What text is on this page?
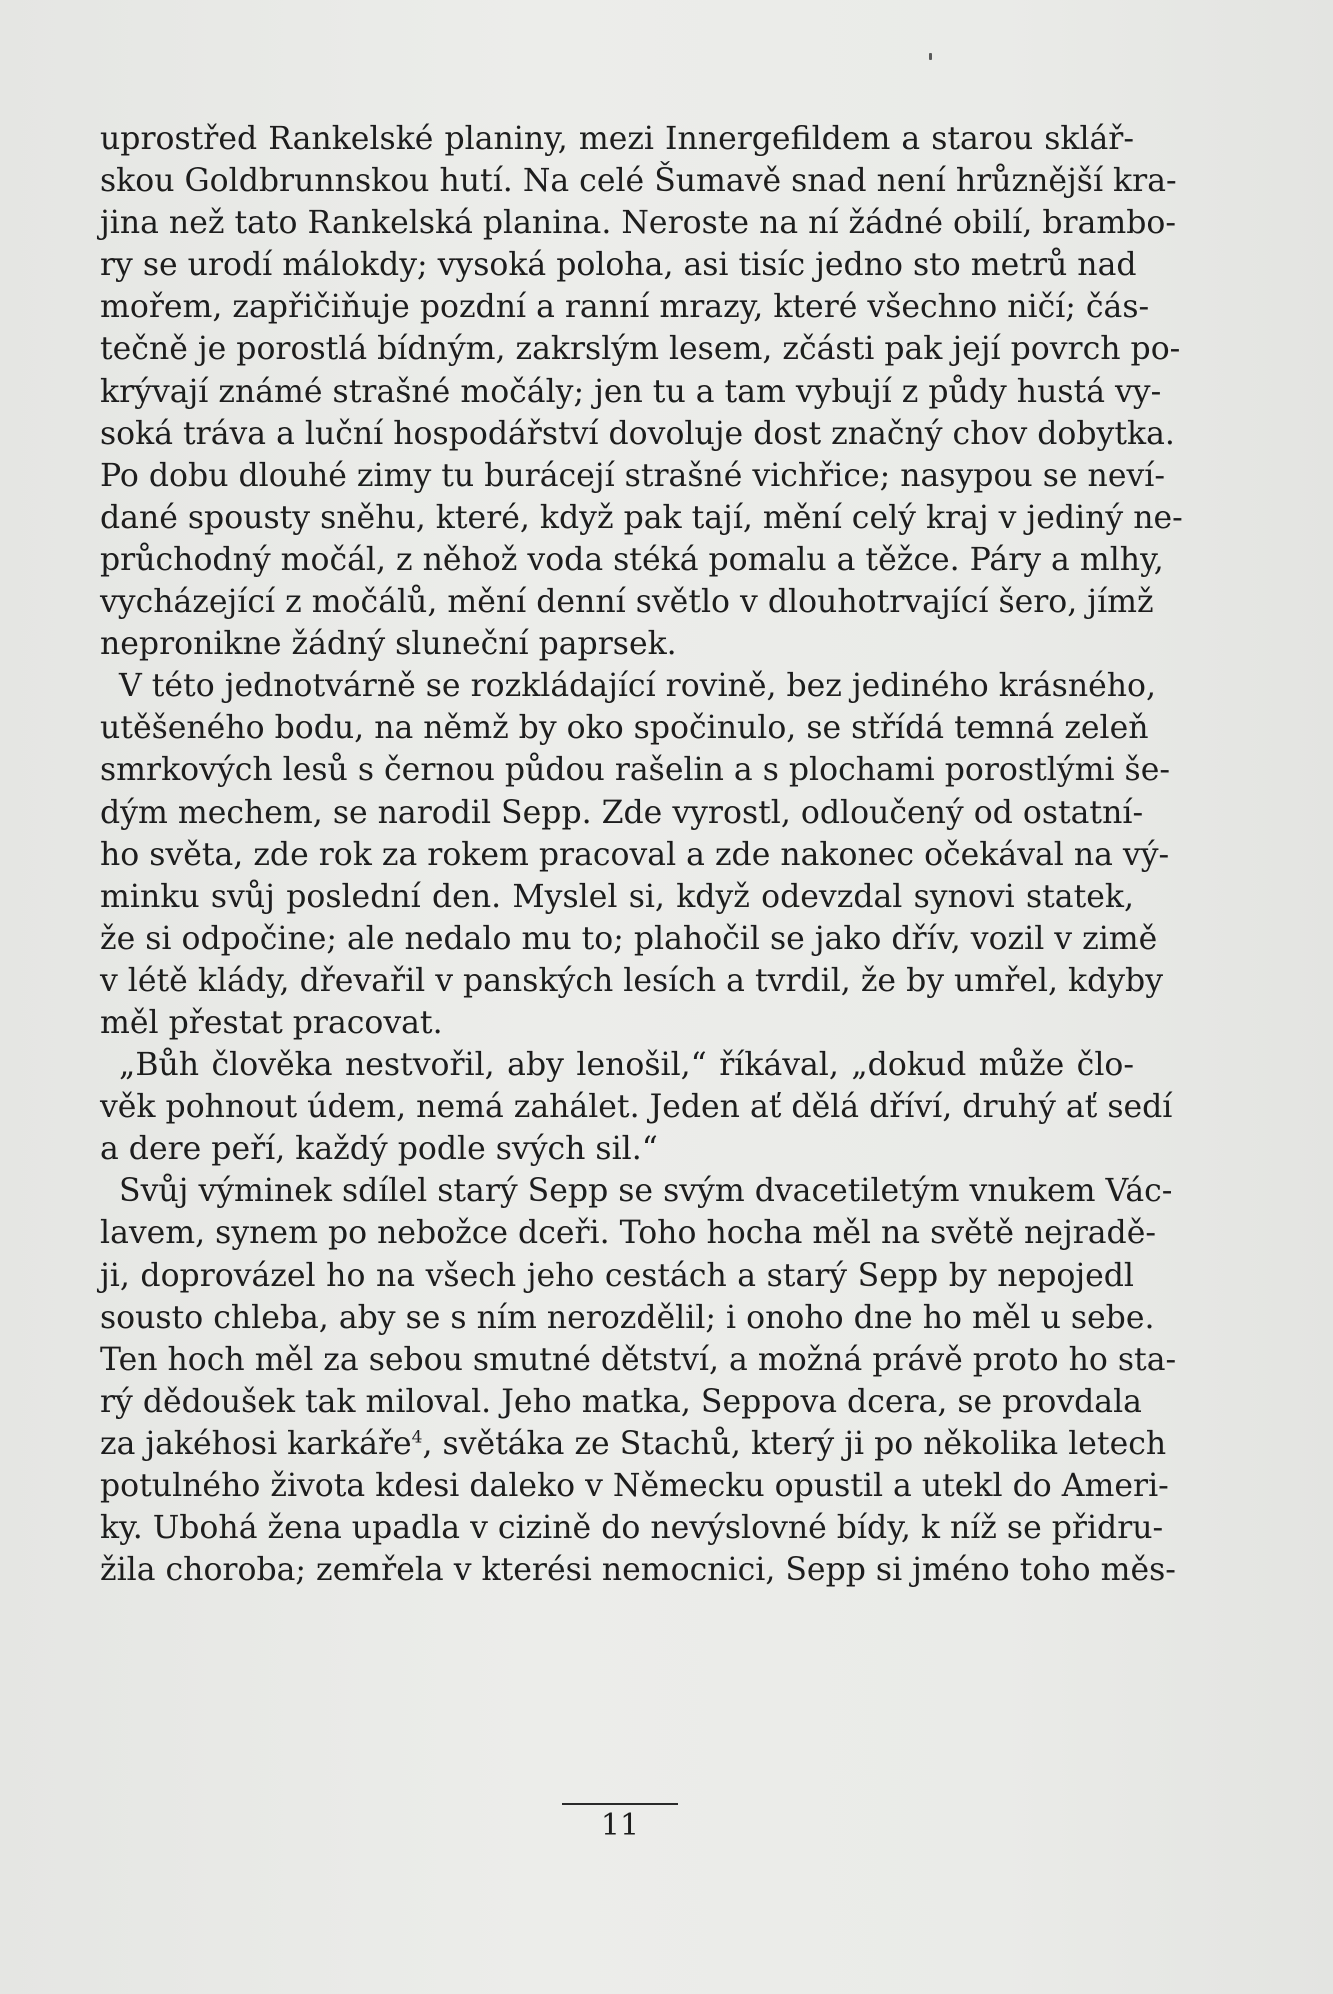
uprostřed Rankelské planiny, mezi Innergefildem a starou sklář-
skou Goldbrunnskou hutí. Na celé Šumavě snad není hrůznější kra-
jina než tato Rankelská planina. Neroste na ní žádné obilí, brambo-
ry se urodí málokdy; vysoká poloha, asi tisíc jedno sto metrů nad
mořem, zapřičiňuje pozdní a ranní mrazy, které všechno ničí; čás-
tečně je porostlá bídným, zakrslým lesem, zčásti pak její povrch po-
krývají známé strašné močály; jen tu a tam vybují z půdy hustá vy-
soká tráva a luční hospodářství dovoluje dost značný chov dobytka.
Po dobu dlouhé zimy tu burácejí strašné vichřice; nasypou se neví-
dané spousty sněhu, které, když pak tají, mění celý kraj v jediný ne-
průchodný močál, z něhož voda stéká pomalu a těžce. Páry a mlhy,
vycházející z močálů, mění denní světlo v dlouhotrvající šero, jímž
nepronikne žádný sluneční paprsek.
V této jednotvárně se rozkládající rovině, bez jediného krásného,
utěšeného bodu, na němž by oko spočinulo, se střídá temná zeleň
smrkových lesů s černou půdou rašelin a s plochami porostlými še-
dým mechem, se narodil Sepp. Zde vyrostl, odloučený od ostatní-
ho světa, zde rok za rokem pracoval a zde nakonec očekával na vý-
minku svůj poslední den. Myslel si, když odevzdal synovi statek,
že si odpočine; ale nedalo mu to; plahočil se jako dřív, vozil v zimě
v létě klády, dřevařil v panských lesích a tvrdil, že by umřel, kdyby
měl přestat pracovat.
„Bůh člověka nestvořil, aby lenošil,“ říkával, „dokud může člo-
věk pohnout údem, nemá zahálet. Jeden ať dělá dříví, druhý ať sedí
a dere peří, každý podle svých sil.“
Svůj výminek sdílel starý Sepp se svým dvacetiletým vnukem Vác-
lavem, synem po nebožce dceři. Toho hocha měl na světě nejradě-
ji, doprovázel ho na všech jeho cestách a starý Sepp by nepojedl
sousto chleba, aby se s ním nerozdělil; i onoho dne ho měl u sebe.
Ten hoch měl za sebou smutné dětství, a možná právě proto ho sta-
rý dědoušek tak miloval. Jeho matka, Seppova dcera, se provdala
za jakéhosi karkáře$^4$, světáka ze Stachů, který ji po několika letech
potulného života kdesi daleko v Německu opustil a utekl do Ameri-
ky. Ubohá žena upadla v cizině do nevýslovné bídy, k níž se přidru-
žila choroba; zemřela v kterési nemocnici, Sepp si jméno toho měs-
11
